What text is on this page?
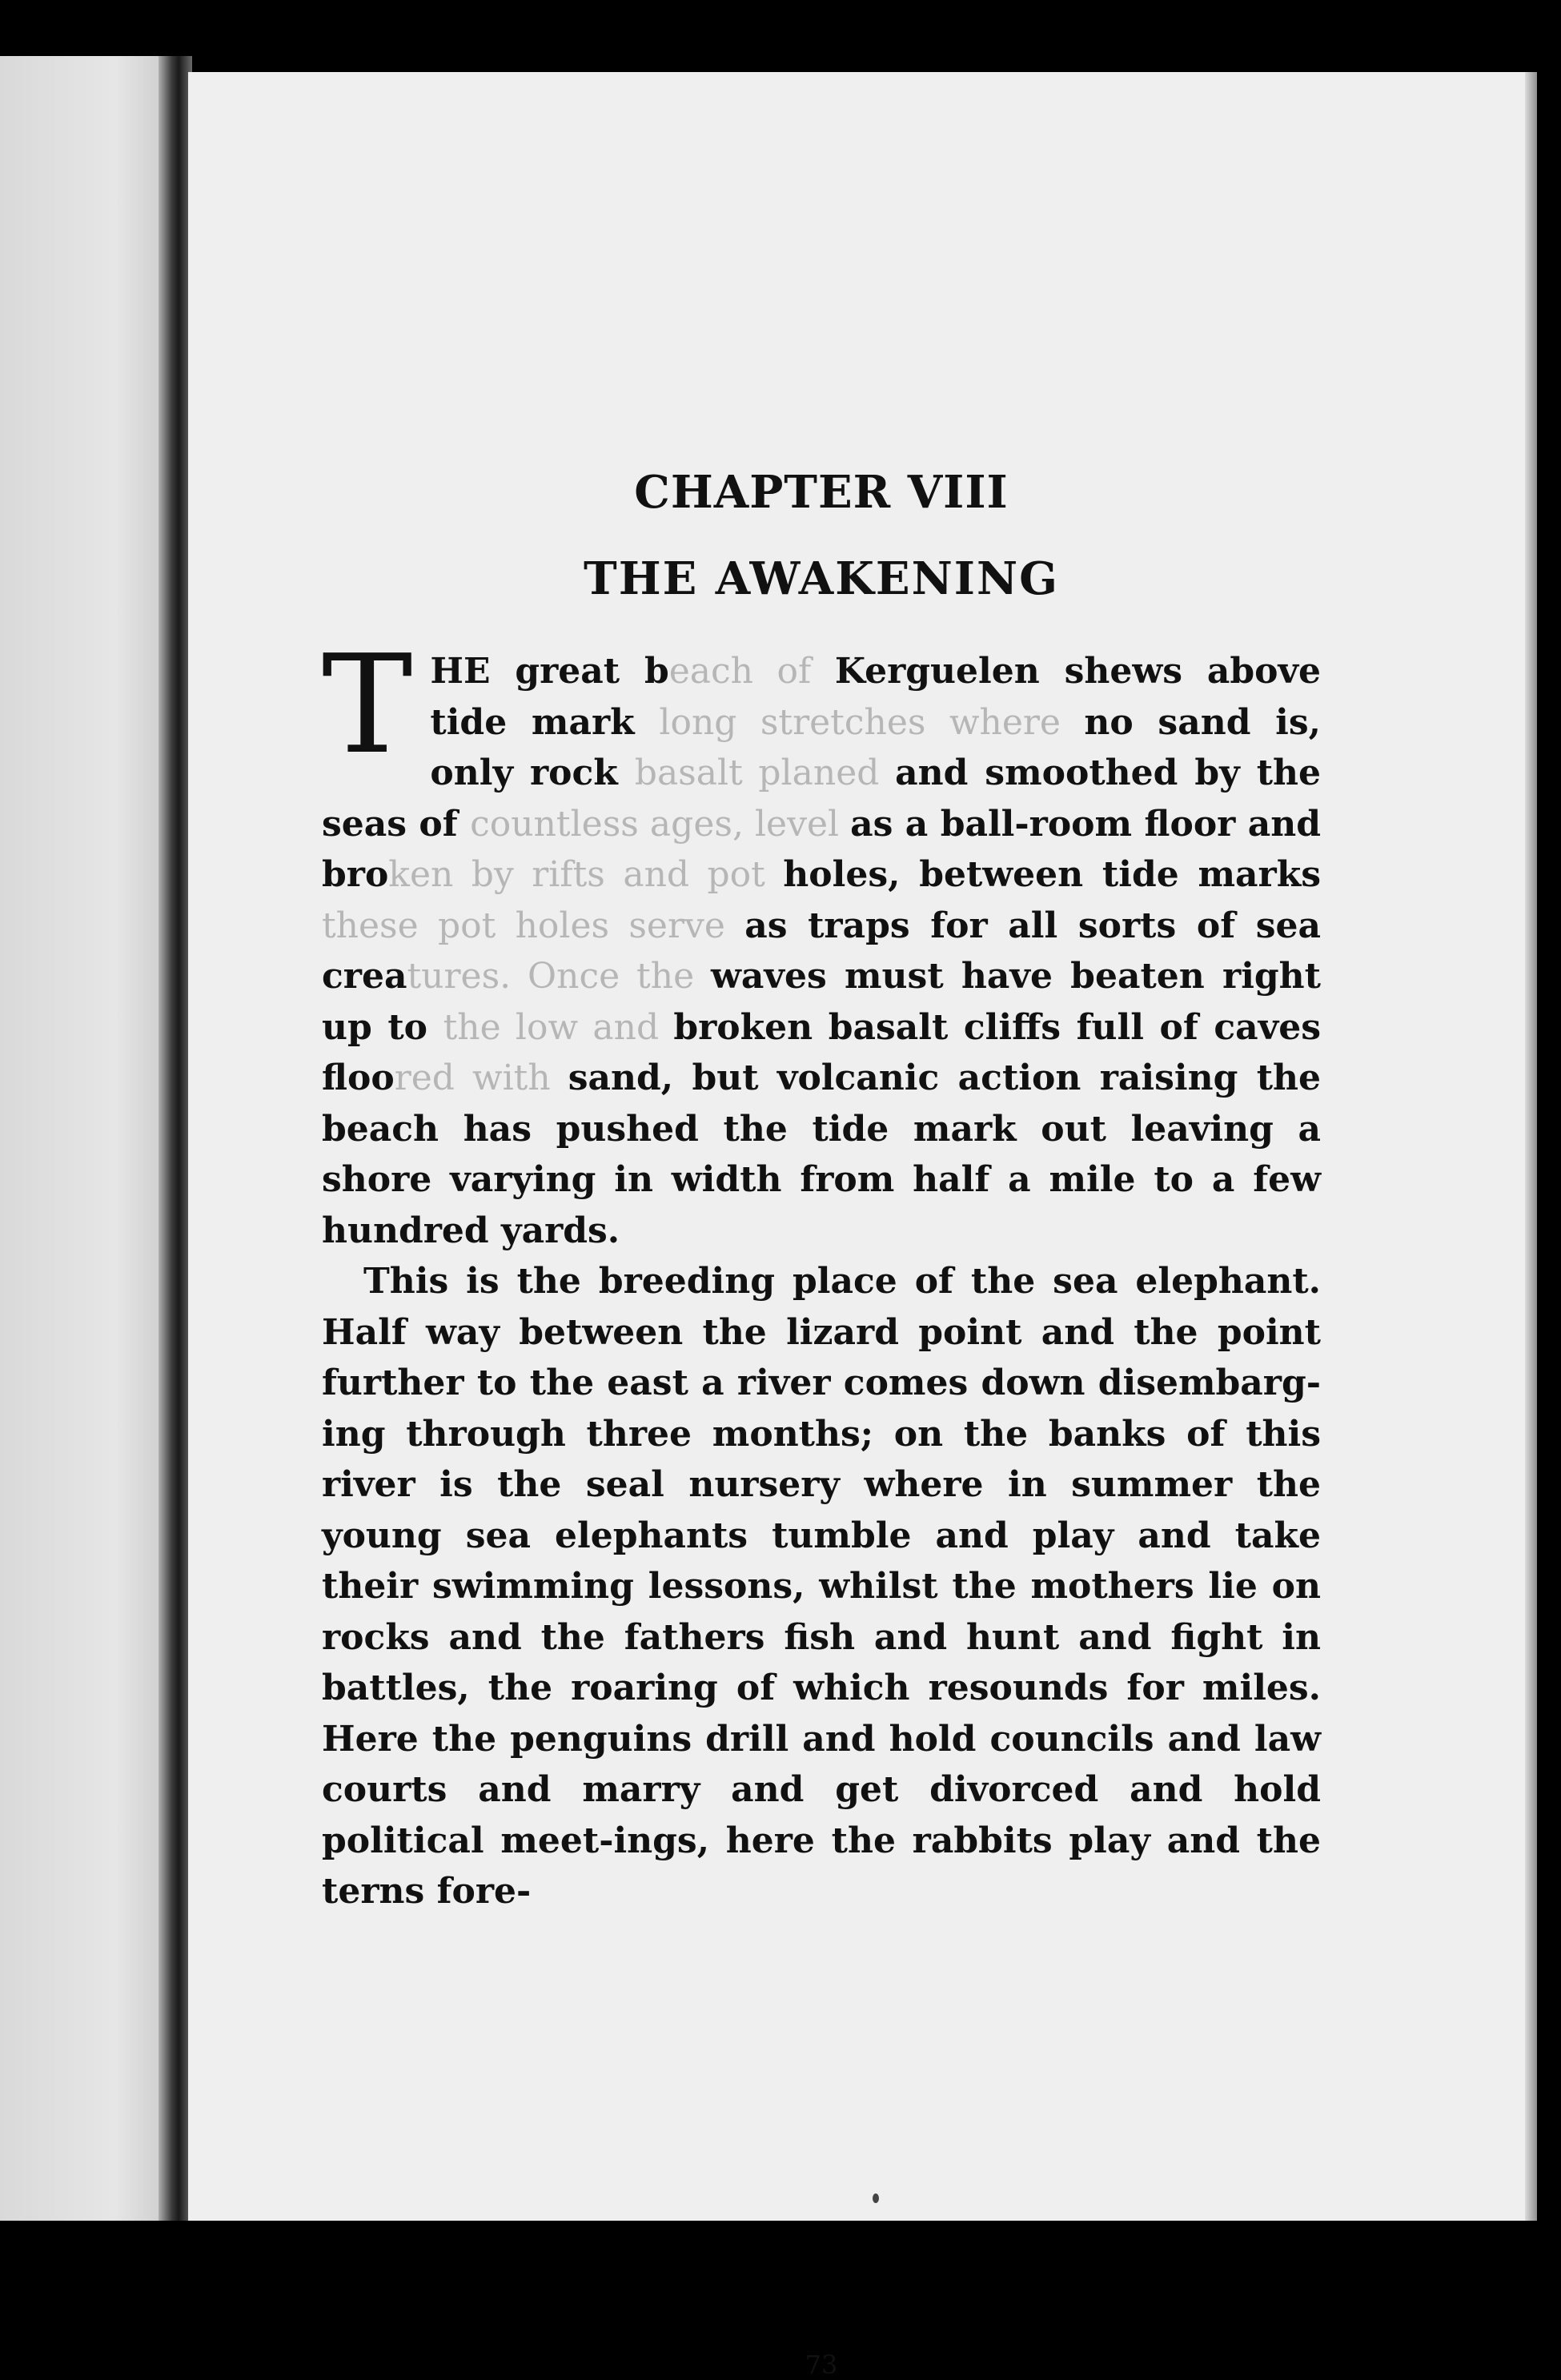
CHAPTER VIII
THE AWAKENING

T HE great beach of Kerguelen shews above tide mark long stretches where no sand is, only rock basalt planed and smoothed by the seas of countless ages, level as a ball-room floor and broken by rifts and pot holes, between tide marks these pot holes serve as traps for all sorts of sea creatures. Once the waves must have beaten right up to the low and broken basalt cliffs full of caves floored with sand, but volcanic action raising the beach has pushed the tide mark out leaving a shore varying in width from half a mile to a few hundred yards.

This is the breeding place of the sea elephant. Half way between the lizard point and the point further to the east a river comes down disembarg-ing through three months; on the banks of this river is the seal nursery where in summer the young sea elephants tumble and play and take their swimming lessons, whilst the mothers lie on rocks and the fathers fish and hunt and fight in battles, the roaring of which resounds for miles. Here the penguins drill and hold councils and law courts and marry and get divorced and hold political meet-ings, here the rabbits play and the terns fore-

73
